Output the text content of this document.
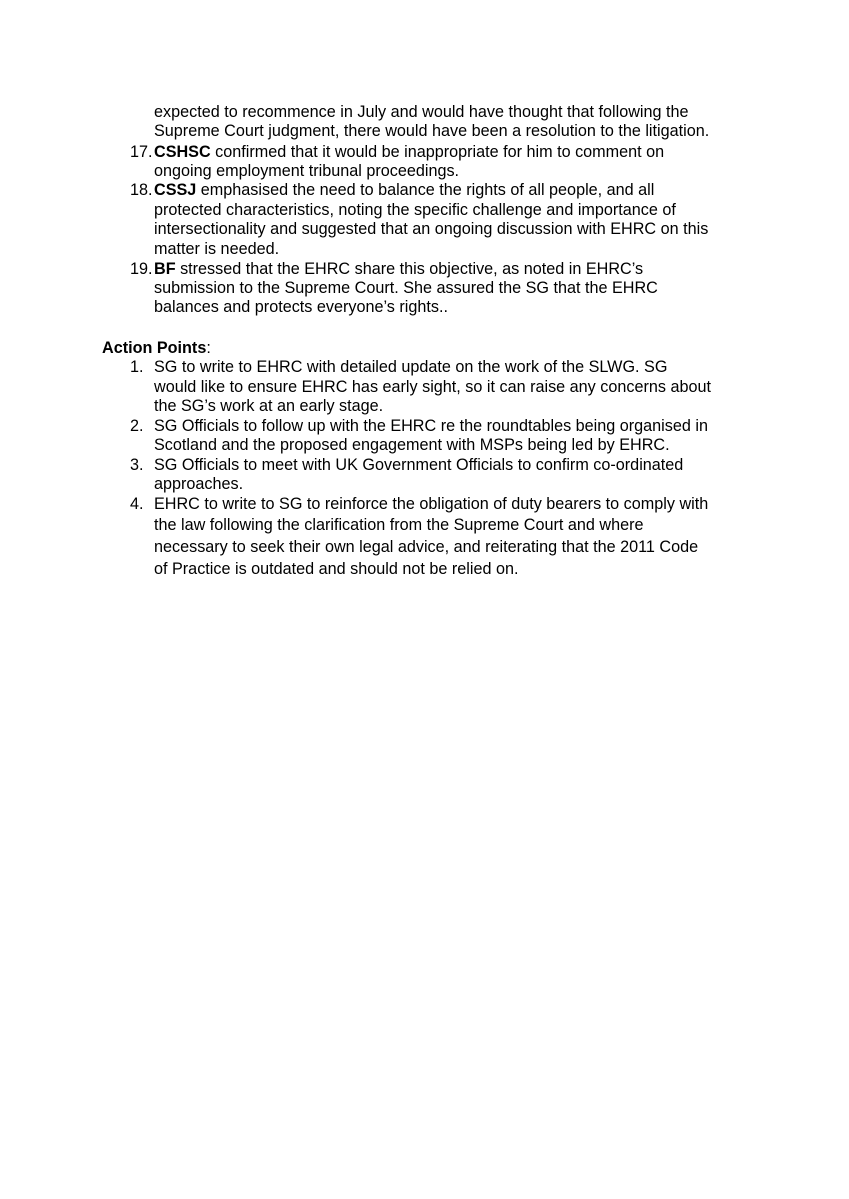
expected to recommence in July and would have thought that following the
Supreme Court judgment, there would have been a resolution to the litigation.
17. CSHSC confirmed that it would be inappropriate for him to comment on
ongoing employment tribunal proceedings.
18. CSSJ emphasised the need to balance the rights of all people, and all
protected characteristics, noting the specific challenge and importance of
intersectionality and suggested that an ongoing discussion with EHRC on this
matter is needed.
19. BF stressed that the EHRC share this objective, as noted in EHRC’s
submission to the Supreme Court. She assured the SG that the EHRC
balances and protects everyone’s rights..
Action Points:
1. SG to write to EHRC with detailed update on the work of the SLWG. SG
would like to ensure EHRC has early sight, so it can raise any concerns about
the SG’s work at an early stage.
2. SG Officials to follow up with the EHRC re the roundtables being organised in
Scotland and the proposed engagement with MSPs being led by EHRC.
3. SG Officials to meet with UK Government Officials to confirm co-ordinated
approaches.
4. EHRC to write to SG to reinforce the obligation of duty bearers to comply with
the law following the clarification from the Supreme Court and where
necessary to seek their own legal advice, and reiterating that the 2011 Code
of Practice is outdated and should not be relied on.
